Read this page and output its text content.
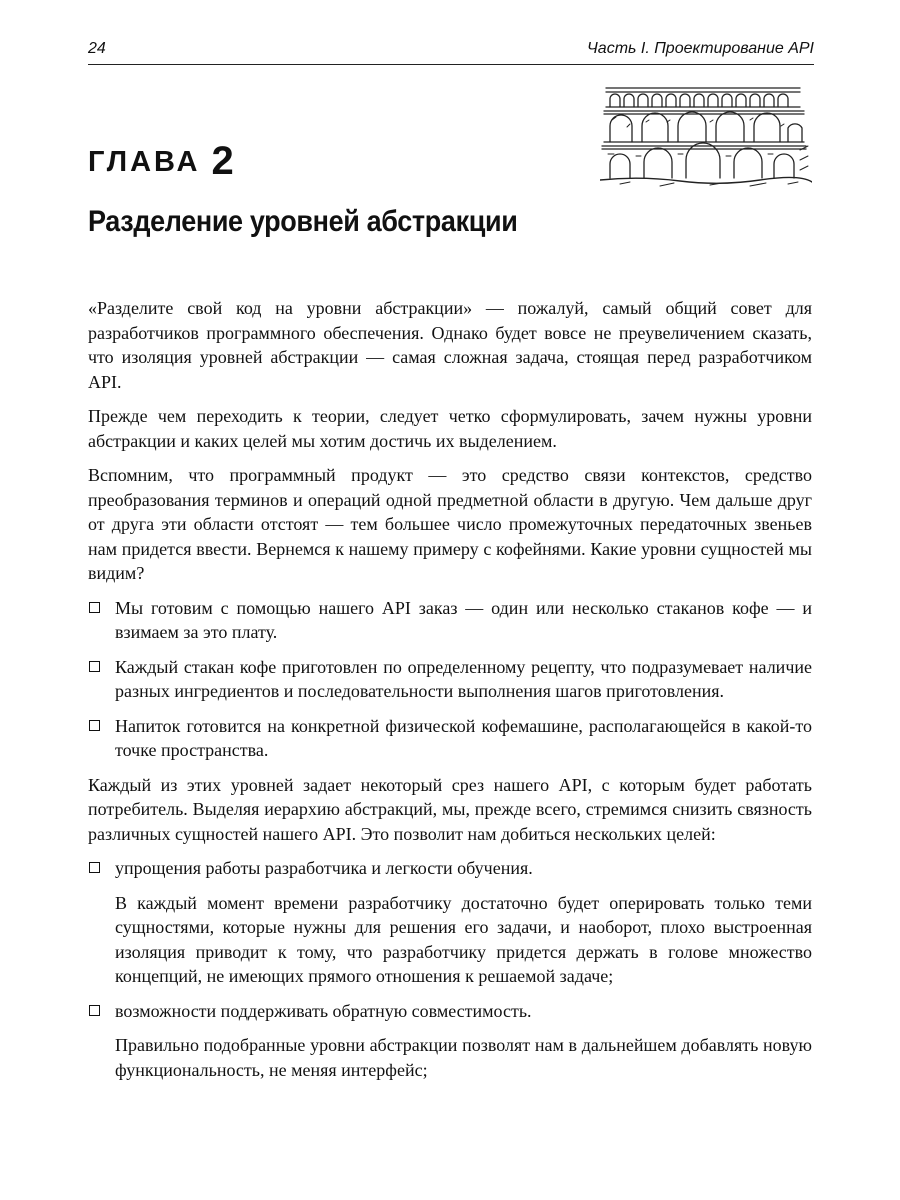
24	Часть I. Проектирование API
ГЛАВА 2
Разделение уровней абстракции

«Разделите свой код на уровни абстракции» — пожалуй, самый общий совет для разработчиков программного обеспечения. Однако будет вовсе не преувеличением сказать, что изоляция уровней абстракции — самая сложная задача, стоящая перед разработчиком API.

Прежде чем переходить к теории, следует четко сформулировать, зачем нужны уровни абстракции и каких целей мы хотим достичь их выделением.

Вспомним, что программный продукт — это средство связи контекстов, средство преобразования терминов и операций одной предметной области в другую. Чем дальше друг от друга эти области отстоят — тем большее число промежуточных передаточных звеньев нам придется ввести. Вернемся к нашему примеру с кофейнями. Какие уровни сущностей мы видим?

Мы готовим с помощью нашего API заказ — один или несколько стаканов кофе — и взимаем за это плату.
Каждый стакан кофе приготовлен по определенному рецепту, что подразумевает наличие разных ингредиентов и последовательности выполнения шагов приготовления.
Напиток готовится на конкретной физической кофемашине, располагающейся в какой-то точке пространства.

Каждый из этих уровней задает некоторый срез нашего API, с которым будет работать потребитель. Выделяя иерархию абстракций, мы, прежде всего, стремимся снизить связность различных сущностей нашего API. Это позволит нам добиться нескольких целей:

упрощения работы разработчика и легкости обучения.

В каждый момент времени разработчику достаточно будет оперировать только теми сущностями, которые нужны для решения его задачи, и наоборот, плохо выстроенная изоляция приводит к тому, что разработчику придется держать в голове множество концепций, не имеющих прямого отношения к решаемой задаче;

возможности поддерживать обратную совместимость.

Правильно подобранные уровни абстракции позволят нам в дальнейшем добавлять новую функциональность, не меняя интерфейс;
